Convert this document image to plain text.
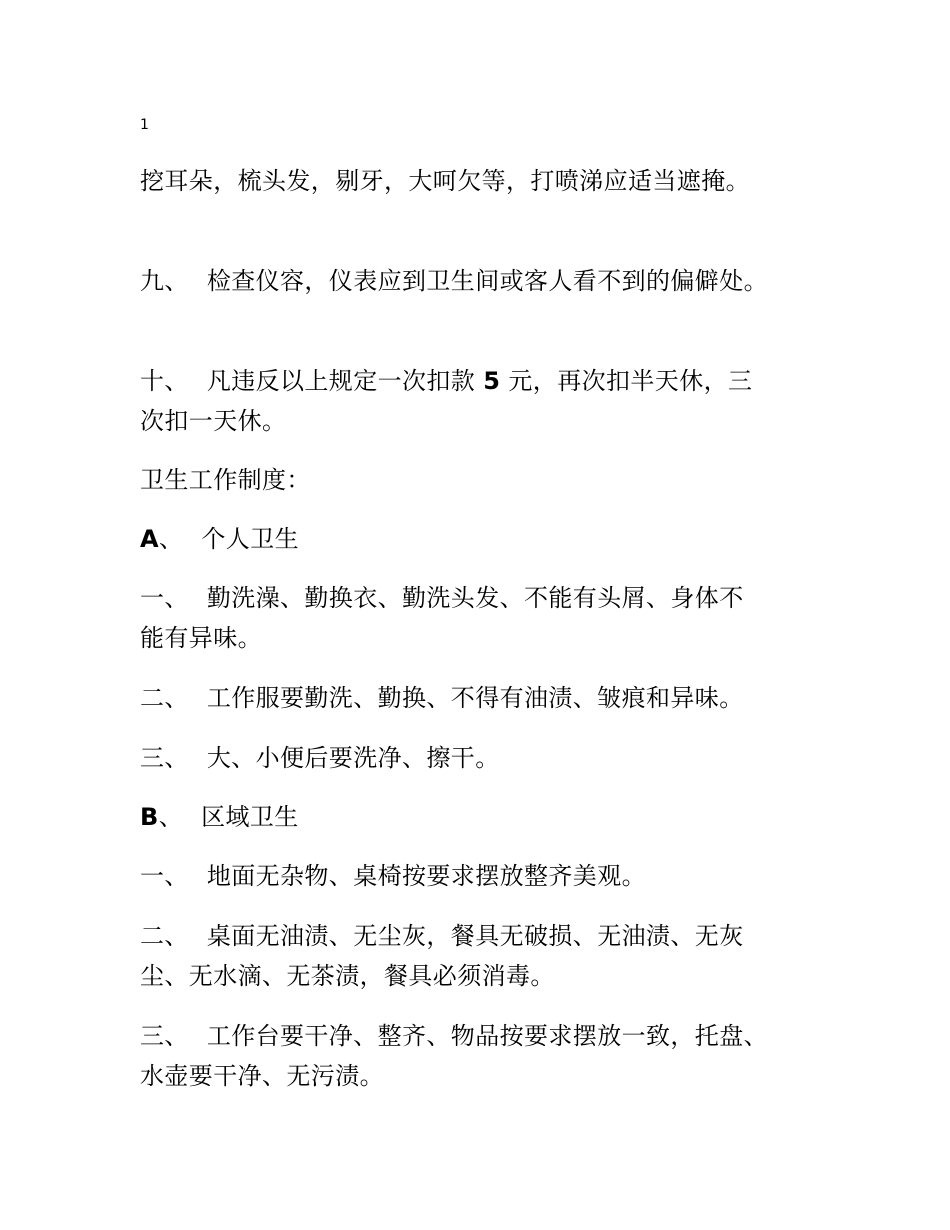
1
挖耳朵，梳头发，剔牙，大呵欠等，打喷涕应适当遮掩。
九、 检查仪容，仪表应到卫生间或客人看不到的偏僻处。
十、 凡违反以上规定一次扣款 5 元，再次扣半天休，三
次扣一天休。
卫生工作制度：
A、 个人卫生
一、 勤洗澡、勤换衣、勤洗头发、不能有头屑、身体不
能有异味。
二、 工作服要勤洗、勤换、不得有油渍、皱痕和异味。
三、 大、小便后要洗净、擦干。
B、 区域卫生
一、 地面无杂物、桌椅按要求摆放整齐美观。
二、 桌面无油渍、无尘灰，餐具无破损、无油渍、无灰
尘、无水滴、无茶渍，餐具必须消毒。
三、 工作台要干净、整齐、物品按要求摆放一致，托盘、
水壶要干净、无污渍。
